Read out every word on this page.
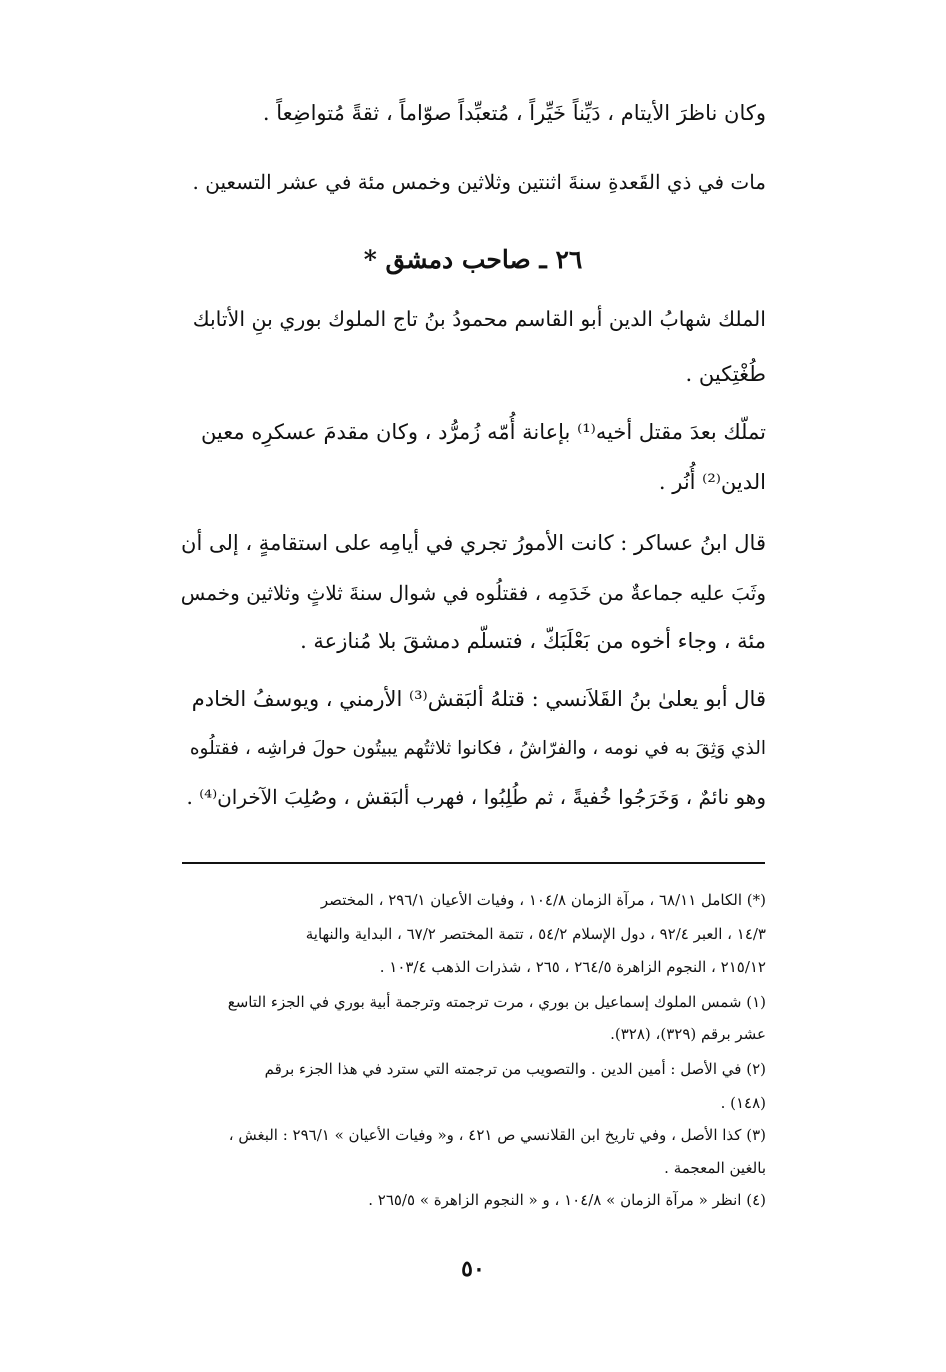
وكان ناظرَ الأيتام ، دَيِّناً خَيِّراً ، مُتعبِّداً صوّاماً ، ثقةً مُتواضِعاً .
مات في ذي القَعدةِ سنةَ اثنتين وثلاثين وخمس مئة في عشر التسعين .
٢٦ ـ صاحب دمشق *
الملك شهابُ الدين أبو القاسم محمودُ بنُ تاج الملوك بوري بنِ الأتابك
طُغْتِكين .
تملّك بعدَ مقتل أخيه⁽¹⁾ بإعانة أُمّه زُمرُّد ، وكان مقدمَ عسكرِه معين
الدين⁽²⁾ أُنُر .
قال ابنُ عساكر : كانت الأمورُ تجري في أيامِه على استقامةٍ ، إلى أن
وثَبَ عليه جماعةٌ من خَدَمِه ، فقتلُوه في شوال سنةَ ثلاثٍ وثلاثين وخمس
مئة ، وجاء أخوه من بَعْلَبَكّ ، فتسلّم دمشقَ بلا مُنازعة .
قال أبو يعلىٰ بنُ القَلاَنسي : قتلهُ ألبَقش⁽³⁾ الأرمني ، ويوسفُ الخادم
الذي وَثِقَ به في نومه ، والفرّاشُ ، فكانوا ثلاثتُهم يبيتُون حولَ فراشِه ، فقتلُوه
وهو نائمٌ ، وَخَرَجُوا خُفيةً ، ثم طُلِبُوا ، فهرب ألبَقش ، وصُلِبَ الآخران⁽⁴⁾ .
(*) الكامل ٦٨/١١ ، مرآة الزمان ١٠٤/٨ ، وفيات الأعيان ٢٩٦/١ ، المختصر
١٤/٣ ، العبر ٩٢/٤ ، دول الإسلام ٥٤/٢ ، تتمة المختصر ٦٧/٢ ، البداية والنهاية
٢١٥/١٢ ، النجوم الزاهرة ٢٦٤/٥ ، ٢٦٥ ، شذرات الذهب ١٠٣/٤ .
(١) شمس الملوك إسماعيل بن بوري ، مرت ترجمته وترجمة أبية بوري في الجزء التاسع
عشر برقم (٣٢٩)، (٣٢٨).
(٢) في الأصل : أمين الدين . والتصويب من ترجمته التي سترد في هذا الجزء برقم
(١٤٨) .
(٣) كذا الأصل ، وفي تاريخ ابن القلانسي ص ٤٢١ ، و« وفيات الأعيان » ٢٩٦/١ : البغش ،
بالغين المعجمة .
(٤) انظر « مرآة الزمان » ١٠٤/٨ ، و « النجوم الزاهرة » ٢٦٥/٥ .
٥٠
